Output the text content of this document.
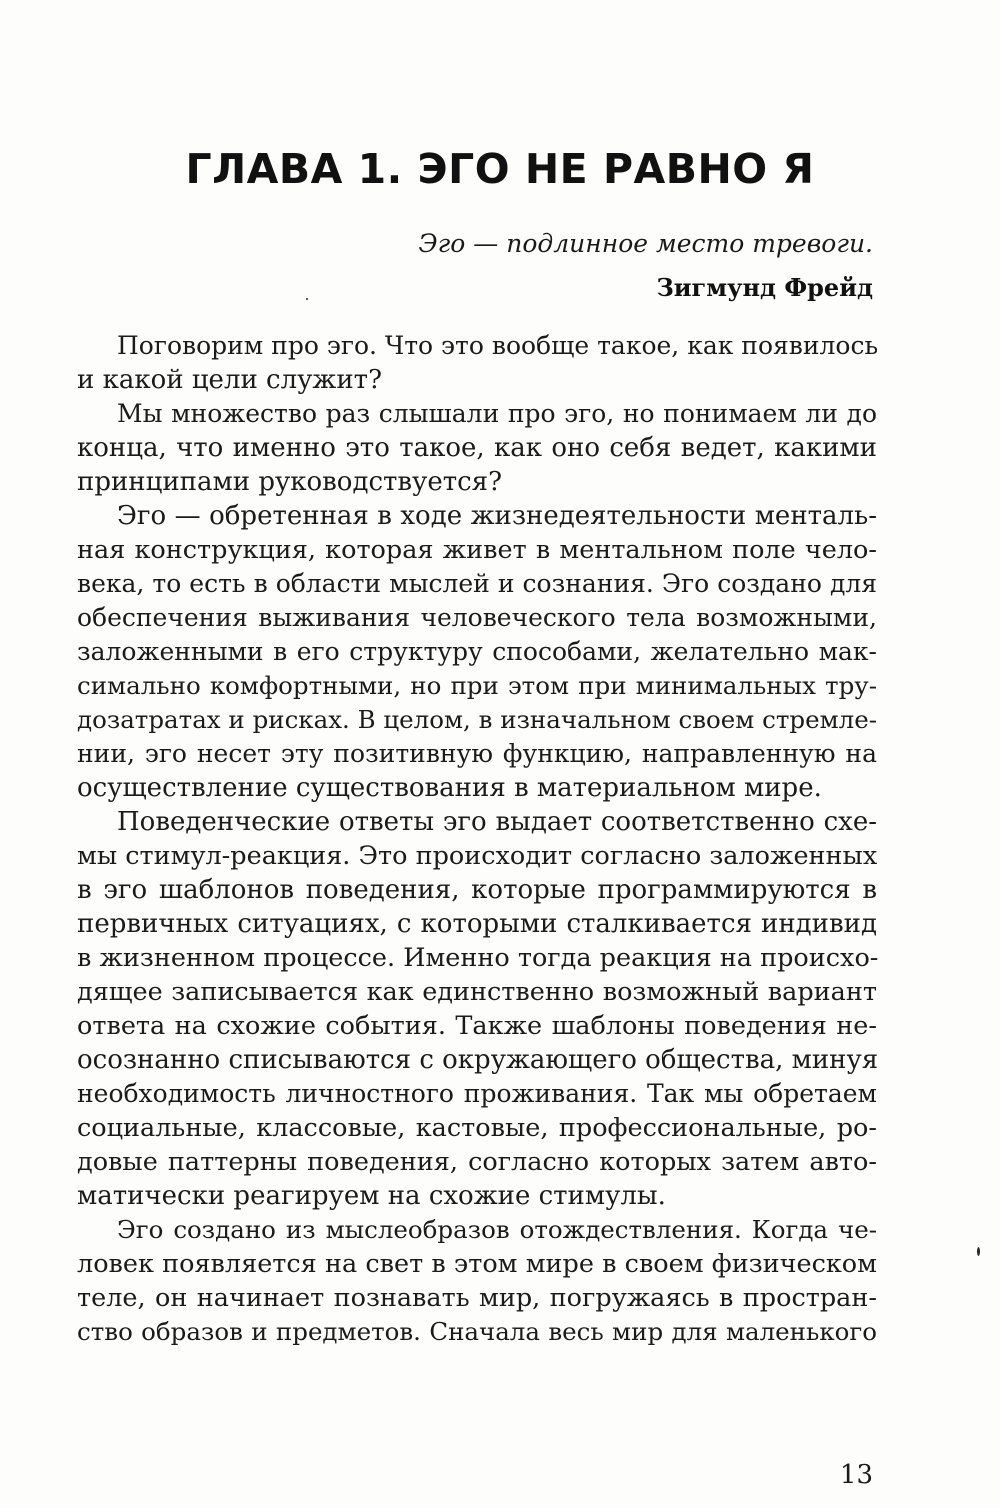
ГЛАВА 1. ЭГО НЕ РАВНО Я
Эго — подлинное место тревоги.
Зигмунд Фрейд
Поговорим про эго. Что это вообще такое, как появилось
и какой цели служит?
Мы множество раз слышали про эго, но понимаем ли до
конца, что именно это такое, как оно себя ведет, какими
принципами руководствуется?
Эго — обретенная в ходе жизнедеятельности менталь-
ная конструкция, которая живет в ментальном поле чело-
века, то есть в области мыслей и сознания. Эго создано для
обеспечения выживания человеческого тела возможными,
заложенными в его структуру способами, желательно мак-
симально комфортными, но при этом при минимальных тру-
дозатратах и рисках. В целом, в изначальном своем стремле-
нии, эго несет эту позитивную функцию, направленную на
осуществление существования в материальном мире.
Поведенческие ответы эго выдает соответственно схе-
мы стимул-реакция. Это происходит согласно заложенных
в эго шаблонов поведения, которые программируются в
первичных ситуациях, с которыми сталкивается индивид
в жизненном процессе. Именно тогда реакция на происхо-
дящее записывается как единственно возможный вариант
ответа на схожие события. Также шаблоны поведения не-
осознанно списываются с окружающего общества, минуя
необходимость личностного проживания. Так мы обретаем
социальные, классовые, кастовые, профессиональные, ро-
довые паттерны поведения, согласно которых затем авто-
матически реагируем на схожие стимулы.
Эго создано из мыслеобразов отождествления. Когда че-
ловек появляется на свет в этом мире в своем физическом
теле, он начинает познавать мир, погружаясь в простран-
ство образов и предметов. Сначала весь мир для маленького
13
